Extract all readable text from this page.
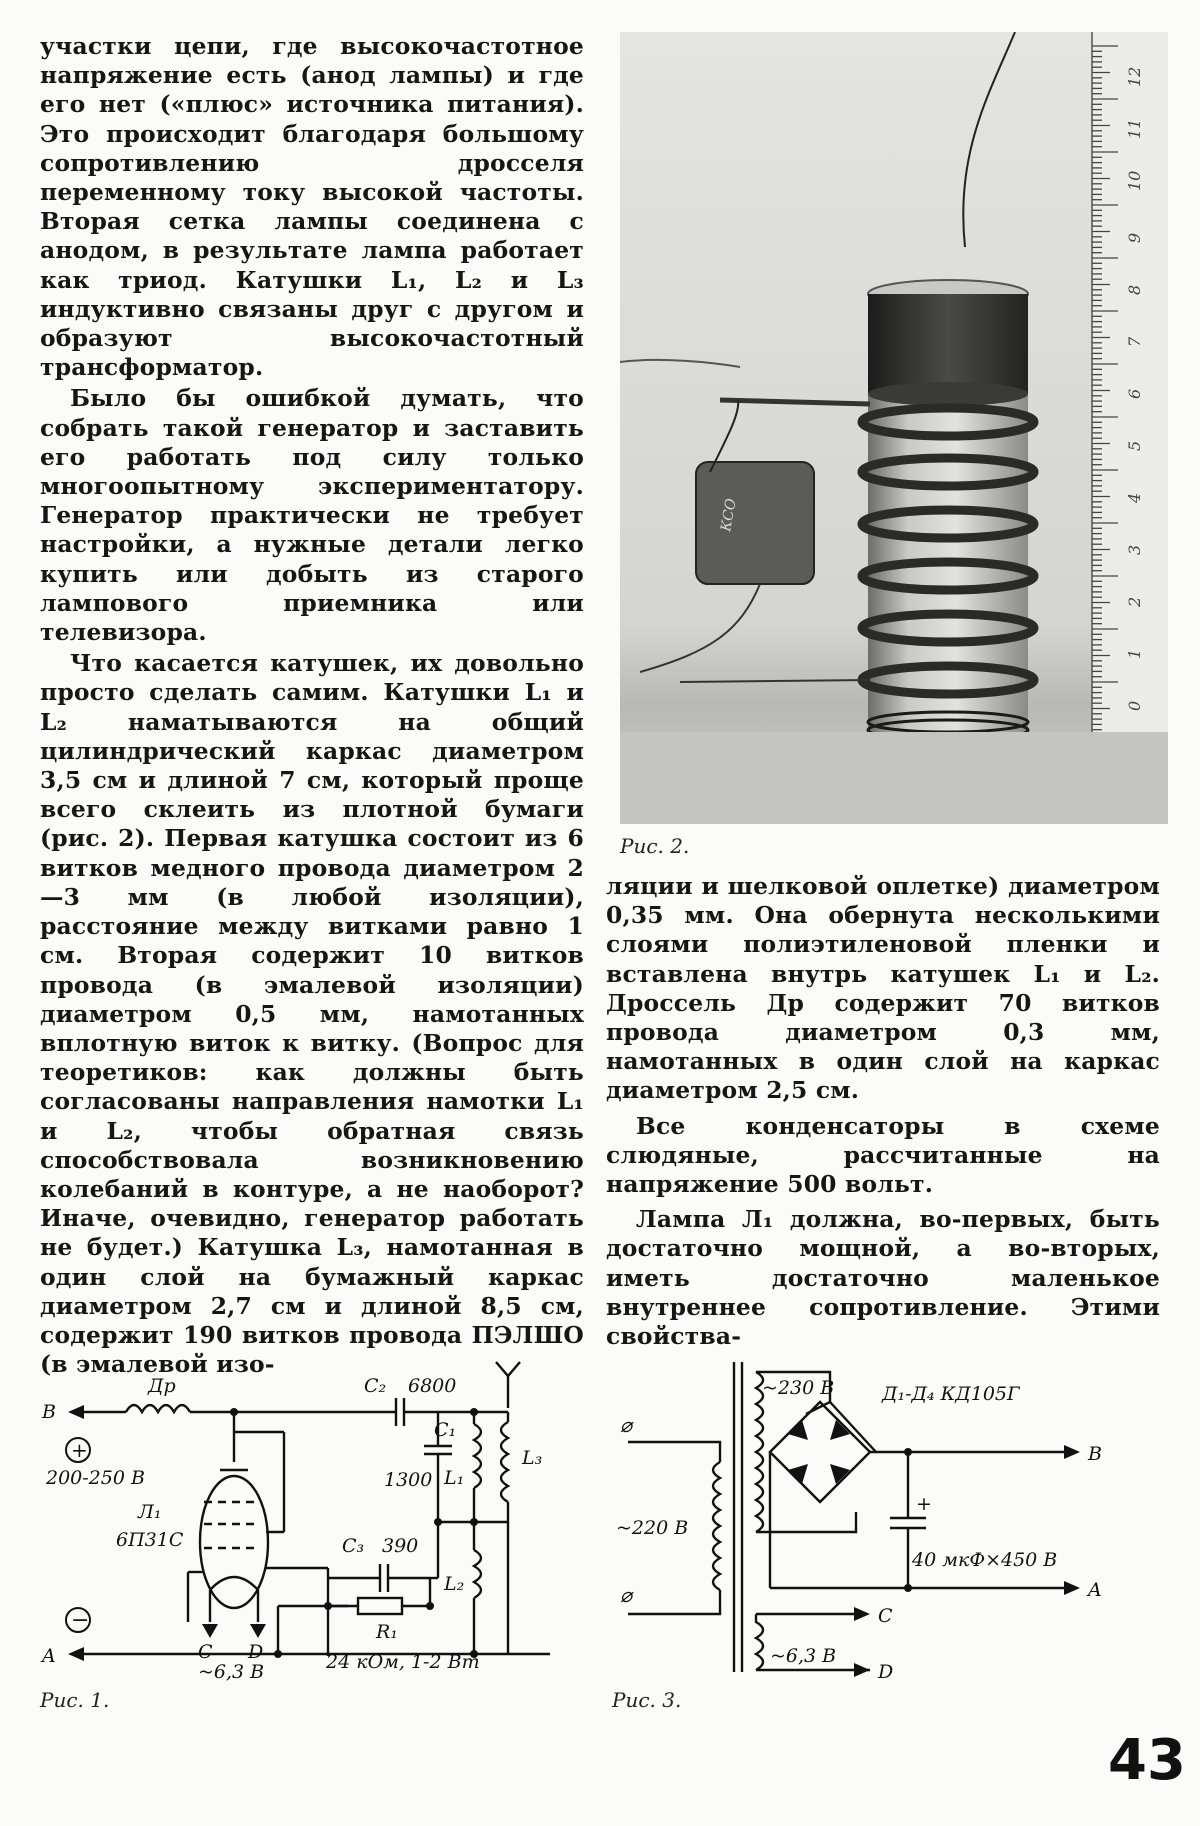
участки цепи, где высокочастотное напряжение есть (анод лампы) и где его нет («плюс» источника питания). Это происходит благодаря большому сопротивлению дросселя переменному току высокой частоты. Вторая сетка лампы соединена с анодом, в результате лампа работает как триод. Катушки L₁, L₂ и L₃ индуктивно связаны друг с другом и образуют высокочастотный трансформатор.

Было бы ошибкой думать, что собрать такой генератор и заставить его работать под силу только многоопытному экспериментатору. Генератор практически не требует настройки, а нужные детали легко купить или добыть из старого лампового приемника или телевизора.

Что касается катушек, их довольно просто сделать самим. Катушки L₁ и L₂ наматываются на общий цилиндрический каркас диаметром 3,5 см и длиной 7 см, который проще всего склеить из плотной бумаги (рис. 2). Первая катушка состоит из 6 витков медного провода диаметром 2—3 мм (в любой изоляции), расстояние между витками равно 1 см. Вторая содержит 10 витков провода (в эмалевой изоляции) диаметром 0,5 мм, намотанных вплотную виток к витку. (Вопрос для теоретиков: как должны быть согласованы направления намотки L₁ и L₂, чтобы обратная связь способствовала возникновению колебаний в контуре, а не наоборот? Иначе, очевидно, генератор работать не будет.) Катушка L₃, намотанная в один слой на бумажный каркас диаметром 2,7 см и длиной 8,5 см, содержит 190 витков провода ПЭЛШО (в эмалевой изо-

12
11
10
9
8
7
6
5
4
3
2
1
0
КСО
Рис. 2.

ляции и шелковой оплетке) диаметром 0,35 мм. Она обернута несколькими слоями полиэтиленовой пленки и вставлена внутрь катушек L₁ и L₂. Дроссель Др содержит 70 витков провода диаметром 0,3 мм, намотанных в один слой на каркас диаметром 2,5 см.

Все конденсаторы в схеме слюдяные, рассчитанные на напряжение 500 вольт.

Лампа Л₁ должна, во-первых, быть достаточно мощной, а во-вторых, иметь достаточно маленькое внутреннее сопротивление. Этими свойства-

Др
B
+
200-250 В
Л₁
6П31С
C₂ 6800
C₁
1300 L₁
L₂
L₃
C₃ 390
R₁
24 кОм, 1-2 Вт
C D
~6,3 В
−
A
Рис. 1.
⌀
⌀
~220 В
~230 В	Д₁-Д₄ КД105Г
+
40 мкФ×450 В
~6,3 В
B
A
C
D
Рис. 3.
43
